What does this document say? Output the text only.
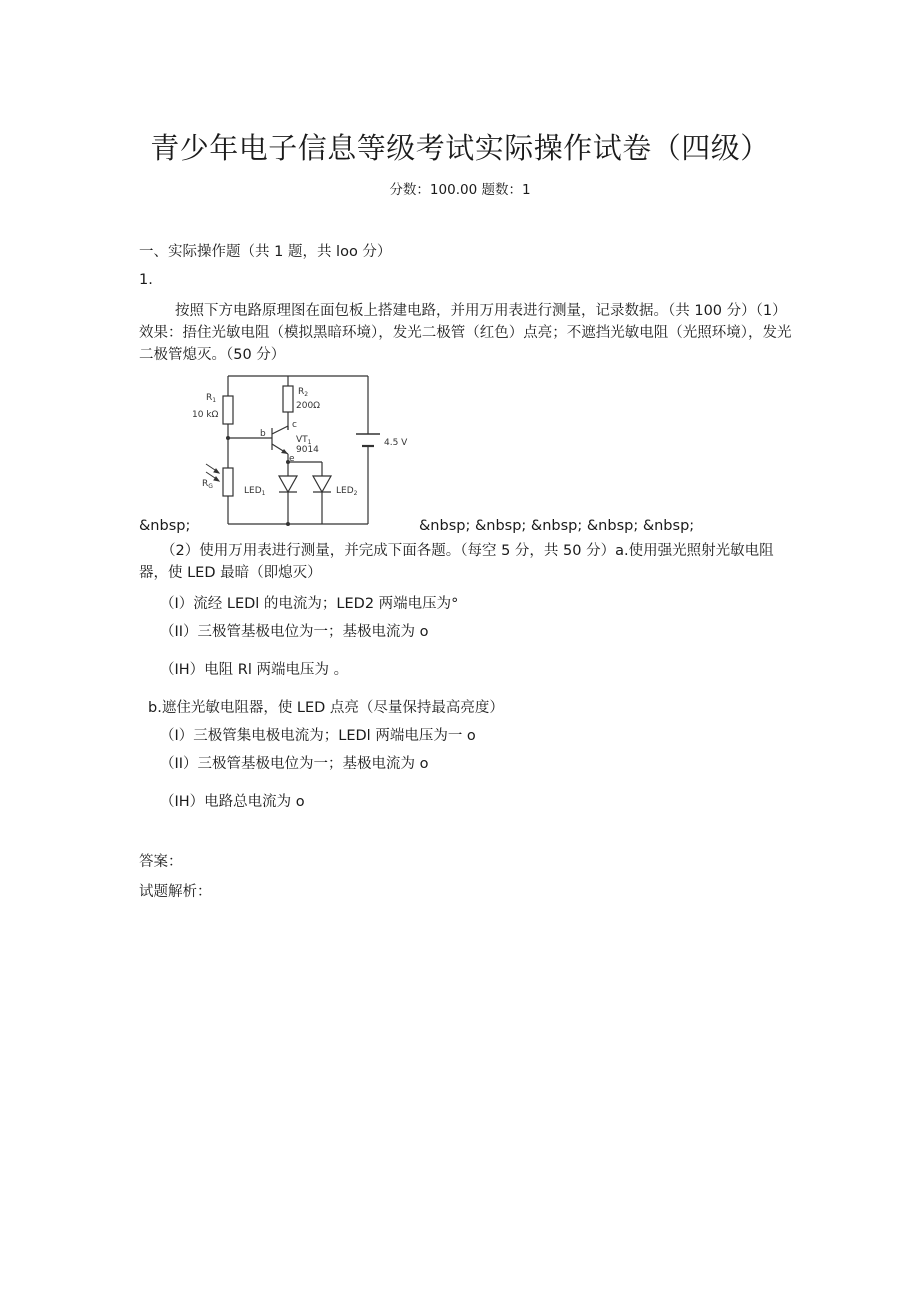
青少年电子信息等级考试实际操作试卷（四级）
分数：100.00 题数：1
一、实际操作题（共 1 题，共 loo 分）
1.
按照下方电路原理图在面包板上搭建电路，并用万用表进行测量，记录数据。（共 100 分）（1）效果：捂住光敏电阻（模拟黑暗环境），发光二极管（红色）点亮；不遮挡光敏电阻（光照环境），发光二极管熄灭。（50 分）
$R_1$
10 kΩ
$R_2$
200Ω
$R_G$
b
c
e
$VT_1$
9014
4.5 V
$LED_1$	$LED_2$
&nbsp;	&nbsp; &nbsp; &nbsp; &nbsp; &nbsp;
（2）使用万用表进行测量，并完成下面各题。（每空 5 分，共 50 分）a.使用强光照射光敏电阻器，使 LED 最暗（即熄灭）
（I）流经 LEDl 的电流为；LED2 两端电压为°
（II）三极管基极电位为一；基极电流为 o
（IH）电阻 Rl 两端电压为 。
b.遮住光敏电阻器，使 LED 点亮（尽量保持最高亮度）
（I）三极管集电极电流为；LEDl 两端电压为一 o
（II）三极管基极电位为一；基极电流为 o
（IH）电路总电流为 o
答案：
试题解析：
